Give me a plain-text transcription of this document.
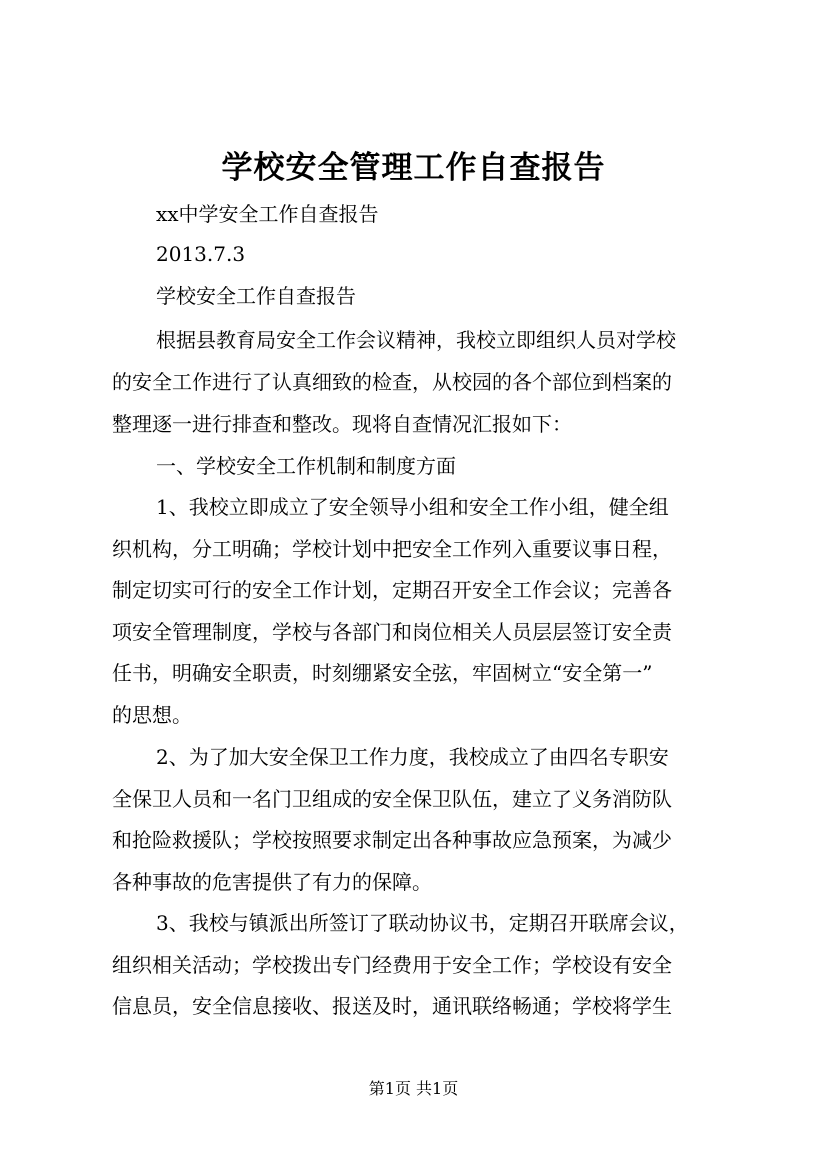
学校安全管理工作自查报告
xx中学安全工作自查报告
2013.7.3
学校安全工作自查报告
根据县教育局安全工作会议精神，我校立即组织人员对学校
的安全工作进行了认真细致的检查，从校园的各个部位到档案的
整理逐一进行排查和整改。现将自查情况汇报如下：
一、学校安全工作机制和制度方面
1、我校立即成立了安全领导小组和安全工作小组，健全组
织机构，分工明确；学校计划中把安全工作列入重要议事日程，
制定切实可行的安全工作计划，定期召开安全工作会议；完善各
项安全管理制度，学校与各部门和岗位相关人员层层签订安全责
任书，明确安全职责，时刻绷紧安全弦，牢固树立“安全第一”
的思想。
2、为了加大安全保卫工作力度，我校成立了由四名专职安
全保卫人员和一名门卫组成的安全保卫队伍，建立了义务消防队
和抢险救援队；学校按照要求制定出各种事故应急预案，为减少
各种事故的危害提供了有力的保障。
3、我校与镇派出所签订了联动协议书，定期召开联席会议，
组织相关活动；学校拨出专门经费用于安全工作；学校设有安全
信息员，安全信息接收、报送及时，通讯联络畅通；学校将学生
第1页 共1页
